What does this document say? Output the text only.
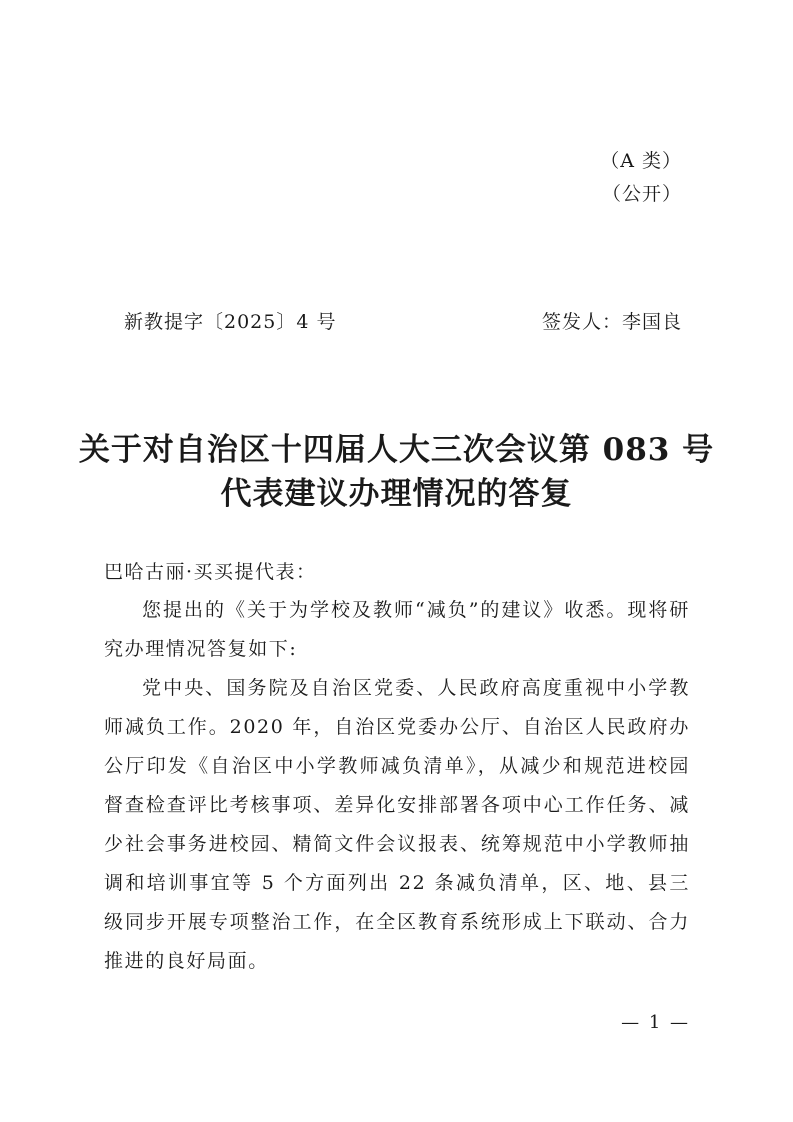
（A 类）
（公开）
新教提字〔2025〕4 号	签发人：李国良
关于对自治区十四届人大三次会议第 083 号
代表建议办理情况的答复
巴哈古丽·买买提代表：

您提出的《关于为学校及教师“减负”的建议》收悉。现将研究办理情况答复如下:

党中央、国务院及自治区党委、人民政府高度重视中小学教师减负工作。2020 年，自治区党委办公厅、自治区人民政府办公厅印发《自治区中小学教师减负清单》，从减少和规范进校园督查检查评比考核事项、差异化安排部署各项中心工作任务、减少社会事务进校园、精简文件会议报表、统筹规范中小学教师抽调和培训事宜等 5 个方面列出 22 条减负清单，区、地、县三级同步开展专项整治工作，在全区教育系统形成上下联动、合力推进的良好局面。

— 1 —
